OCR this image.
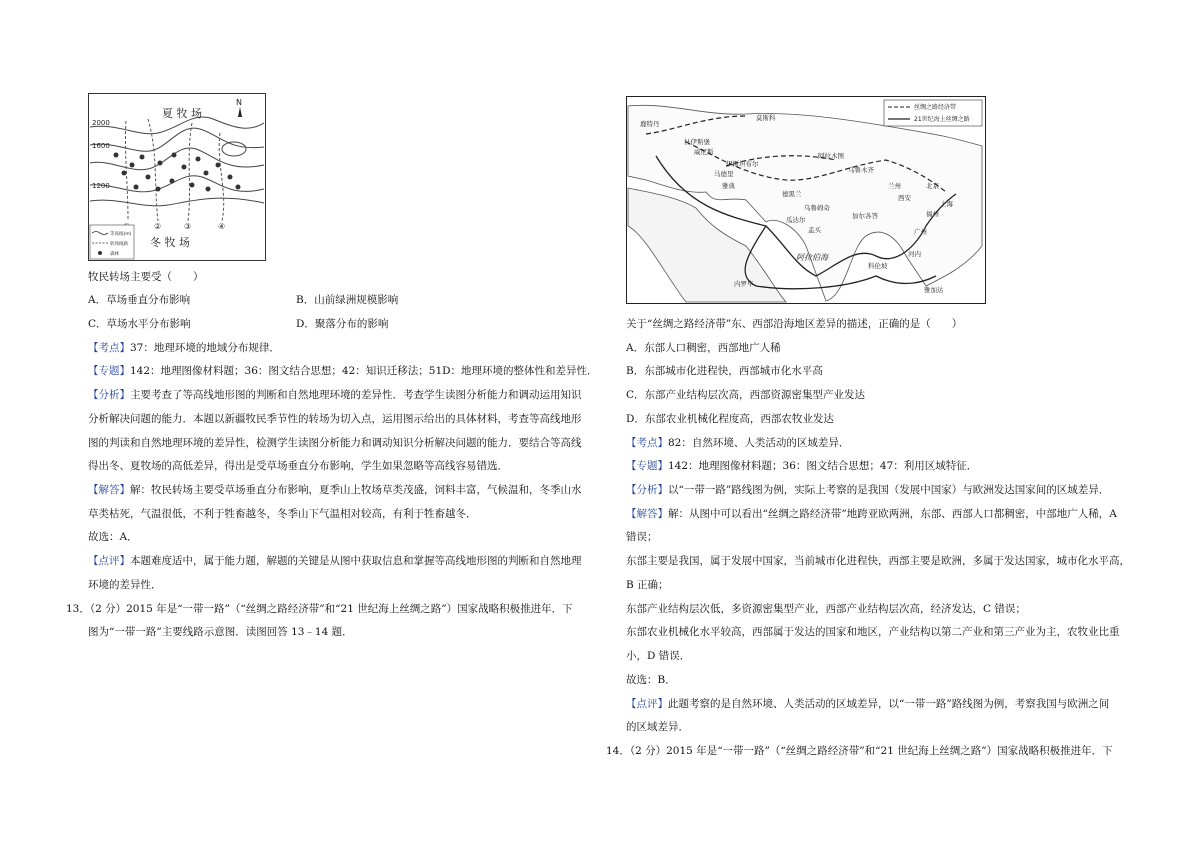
夏 牧 场
冬 牧 场
N
2000
1600
1200
②	③	④
等高线(m)
转场线路
森林
丝绸之路经济带
21世纪海上丝绸之路
鹿特丹
莫斯科
杜伊斯堡
威尼斯
伊斯坦布尔
雅典
德黑兰
阿拉木图
乌鲁木齐
兰州
西安
北京
上海
福州
广州
乌鲁姆奇
瓜达尔
科伦坡
加尔各答
孟买
内罗毕
阿拉伯海	河内
雅加达
马德里
牧民转场主要受（　　）
A．草场垂直分布影响	B．山前绿洲规模影响
C．草场水平分布影响	D．聚落分布的影响
【考点】37：地理环境的地域分布规律．
【专题】142：地理图像材料题；36：图文结合思想；42：知识迁移法；51D：地理环境的整体性和差异性．
【分析】主要考查了等高线地形图的判断和自然地理环境的差异性．考查学生读图分析能力和调动运用知识
分析解决问题的能力．本题以新疆牧民季节性的转场为切入点，运用图示给出的具体材料，考查等高线地形
图的判读和自然地理环境的差异性，检测学生读图分析能力和调动知识分析解决问题的能力．要结合等高线
得出冬、夏牧场的高低差异，得出是受草场垂直分布影响，学生如果忽略等高线容易错选．
【解答】解：牧民转场主要受草场垂直分布影响，夏季山上牧场草类茂盛，饲料丰富，气候温和，冬季山水
草类枯死，气温很低，不利于牲畜越冬，冬季山下气温相对较高，有利于牲畜越冬．
故选：A．
【点评】本题难度适中，属于能力题，解题的关键是从图中获取信息和掌握等高线地形图的判断和自然地理
环境的差异性．
13．（2 分）2015 年是“一带一路”（“丝绸之路经济带”和“21 世纪海上丝绸之路”）国家战略积极推进年．下
图为“一带一路”主要线路示意图．读图回答 13﹣14 题．
关于“丝绸之路经济带”东、西部沿海地区差异的描述，正确的是（　　）
A．东部人口稠密，西部地广人稀
B．东部城市化进程快，西部城市化水平高
C．东部产业结构层次高，西部资源密集型产业发达
D．东部农业机械化程度高，西部农牧业发达
【考点】82：自然环境、人类活动的区域差异．
【专题】142：地理图像材料题；36：图文结合思想；47：利用区域特征．
【分析】以“一带一路”路线图为例，实际上考察的是我国（发展中国家）与欧洲发达国家间的区域差异．
【解答】解：从图中可以看出“丝绸之路经济带”地跨亚欧两洲，东部、西部人口都稠密，中部地广人稀，A
错误；
东部主要是我国，属于发展中国家，当前城市化进程快，西部主要是欧洲，多属于发达国家，城市化水平高，
B 正确；
东部产业结构层次低，多资源密集型产业，西部产业结构层次高，经济发达，C 错误；
东部农业机械化水平较高，西部属于发达的国家和地区，产业结构以第二产业和第三产业为主，农牧业比重
小，D 错误．
故选：B．
【点评】此题考察的是自然环境、人类活动的区域差异，以“一带一路”路线图为例，考察我国与欧洲之间
的区域差异．
14．（2 分）2015 年是“一带一路”（“丝绸之路经济带”和“21 世纪海上丝绸之路”）国家战略积极推进年．下
